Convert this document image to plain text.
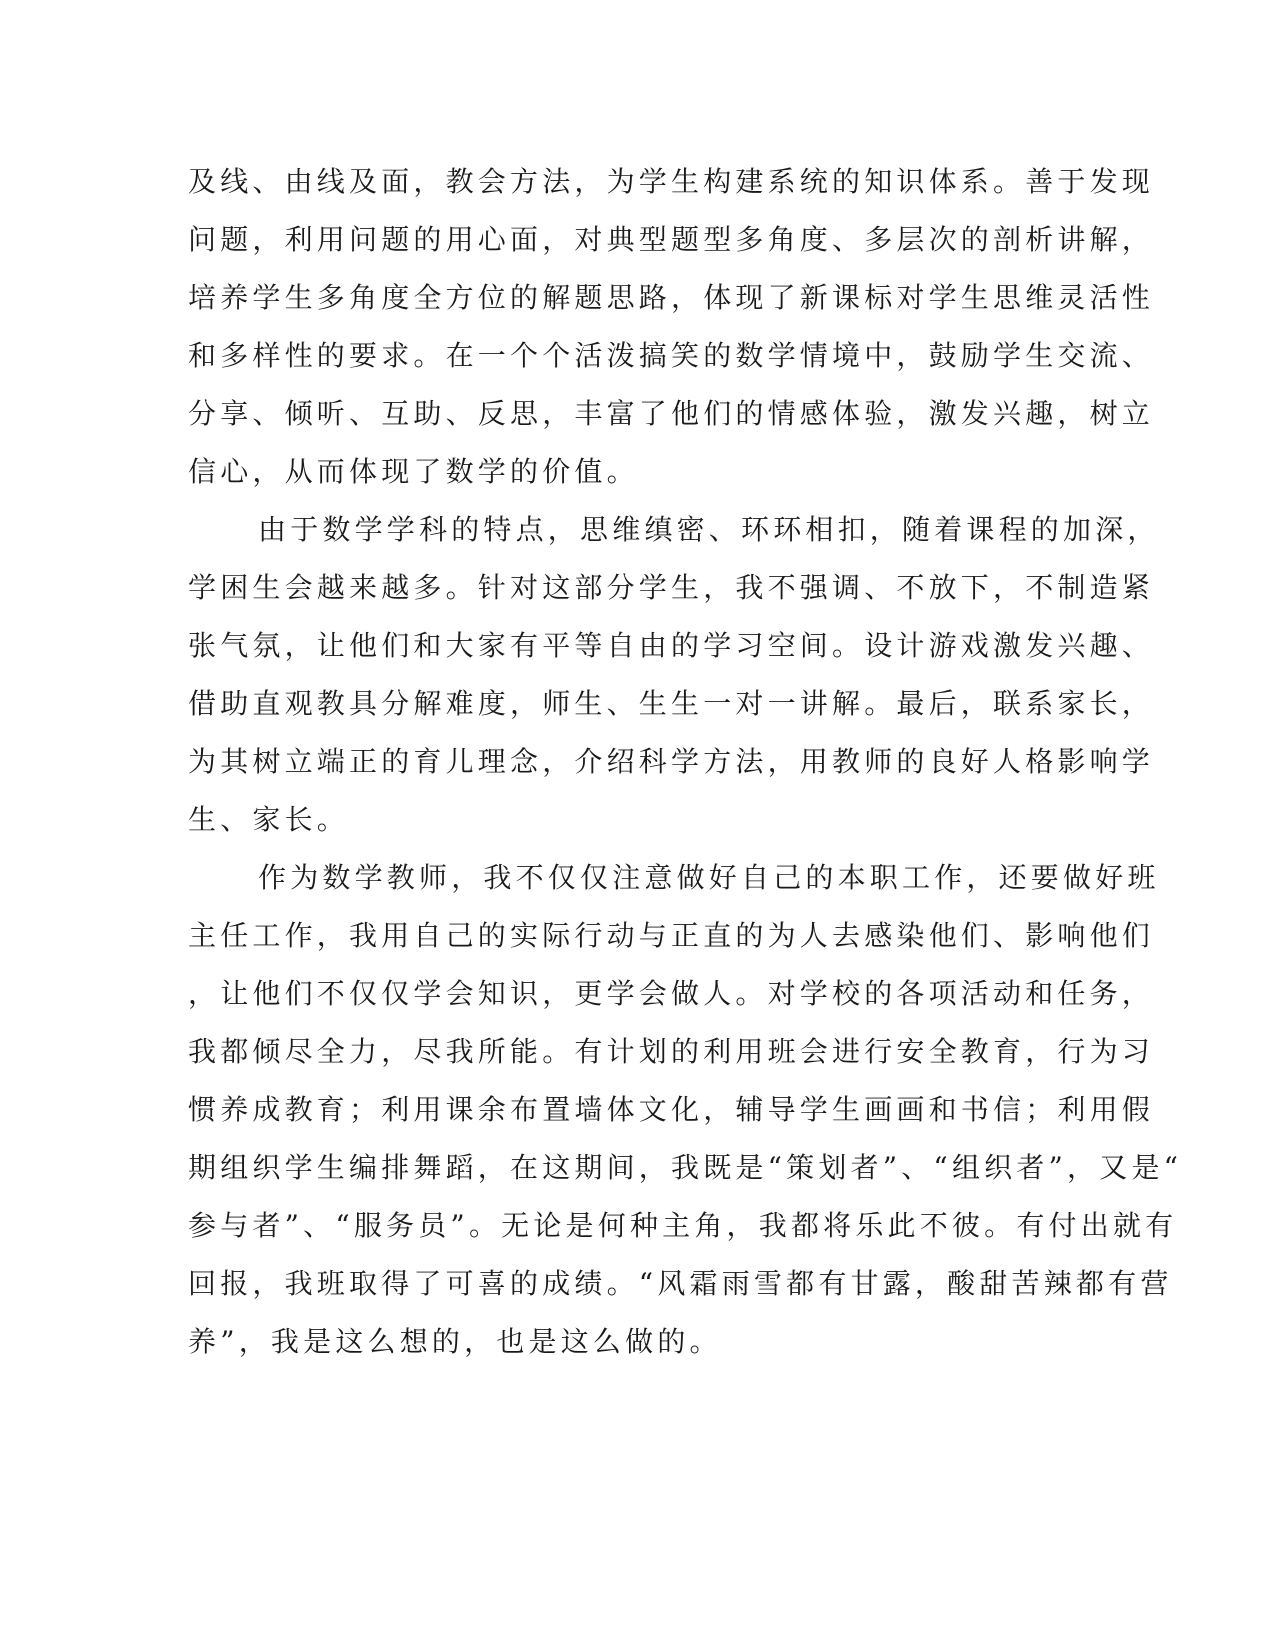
及线、由线及面，教会方法，为学生构建系统的知识体系。善于发现

问题，利用问题的用心面，对典型题型多角度、多层次的剖析讲解，

培养学生多角度全方位的解题思路，体现了新课标对学生思维灵活性

和多样性的要求。在一个个活泼搞笑的数学情境中，鼓励学生交流、

分享、倾听、互助、反思，丰富了他们的情感体验，激发兴趣，树立

信心，从而体现了数学的价值。

由于数学学科的特点，思维缜密、环环相扣，随着课程的加深，

学困生会越来越多。针对这部分学生，我不强调、不放下，不制造紧

张气氛，让他们和大家有平等自由的学习空间。设计游戏激发兴趣、

借助直观教具分解难度，师生、生生一对一讲解。最后，联系家长，

为其树立端正的育儿理念，介绍科学方法，用教师的良好人格影响学

生、家长。

作为数学教师，我不仅仅注意做好自己的本职工作，还要做好班

主任工作，我用自己的实际行动与正直的为人去感染他们、影响他们

，让他们不仅仅学会知识，更学会做人。对学校的各项活动和任务，

我都倾尽全力，尽我所能。有计划的利用班会进行安全教育，行为习

惯养成教育；利用课余布置墙体文化，辅导学生画画和书信；利用假

期组织学生编排舞蹈，在这期间，我既是“策划者”、“组织者”，又是“

参与者”、“服务员”。无论是何种主角，我都将乐此不彼。有付出就有

回报，我班取得了可喜的成绩。“风霜雨雪都有甘露，酸甜苦辣都有营

养”，我是这么想的，也是这么做的。
